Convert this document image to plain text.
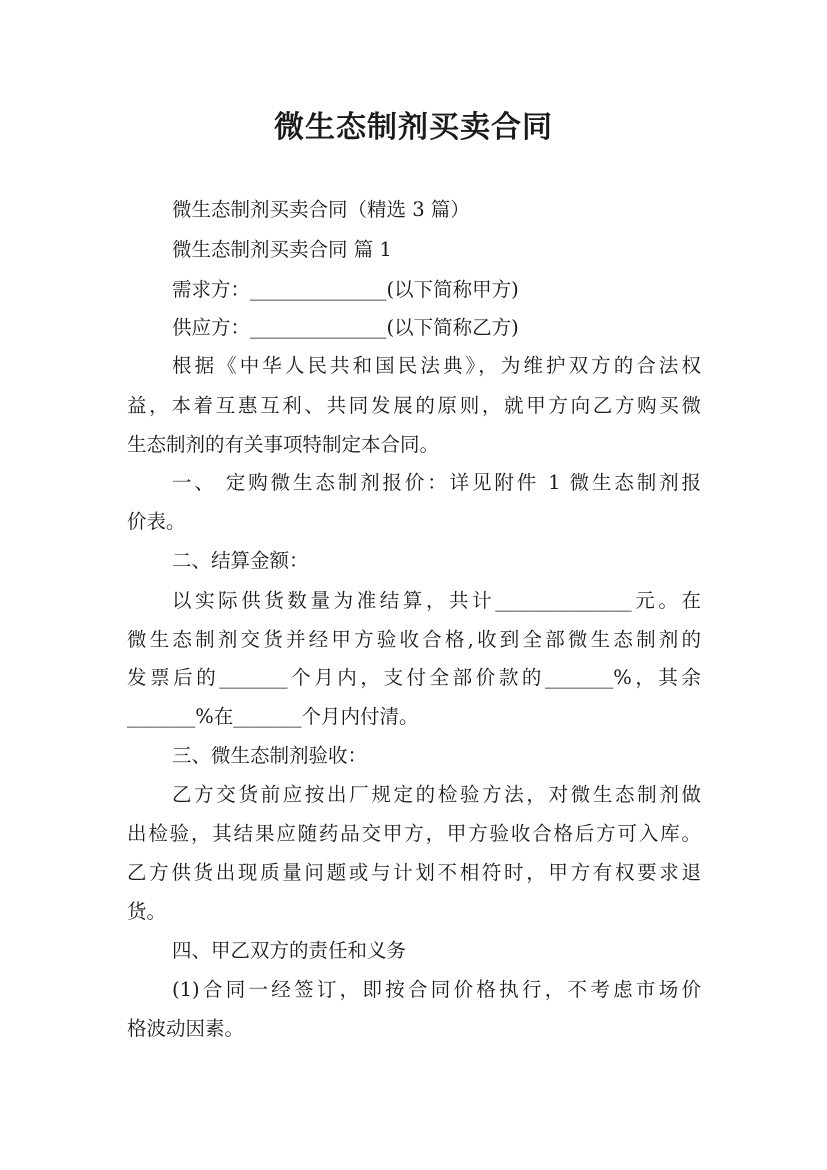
微生态制剂买卖合同
微生态制剂买卖合同（精选 3 篇）
微生态制剂买卖合同 篇 1
需求方：______________(以下简称甲方)
供应方：______________(以下简称乙方)
根据《中华人民共和国民法典》，为维护双方的合法权
益，本着互惠互利、共同发展的原则，就甲方向乙方购买微
生态制剂的有关事项特制定本合同。
一、 定购微生态制剂报价：详见附件 1 微生态制剂报
价表。
二、结算金额：
以实际供货数量为准结算，共计______________元。在
微生态制剂交货并经甲方验收合格,收到全部微生态制剂的
发票后的_______个月内，支付全部价款的_______%，其余
_______%在_______个月内付清。
三、微生态制剂验收：
乙方交货前应按出厂规定的检验方法，对微生态制剂做
出检验，其结果应随药品交甲方，甲方验收合格后方可入库。
乙方供货出现质量问题或与计划不相符时，甲方有权要求退
货。
四、甲乙双方的责任和义务
(1)合同一经签订，即按合同价格执行，不考虑市场价
格波动因素。
